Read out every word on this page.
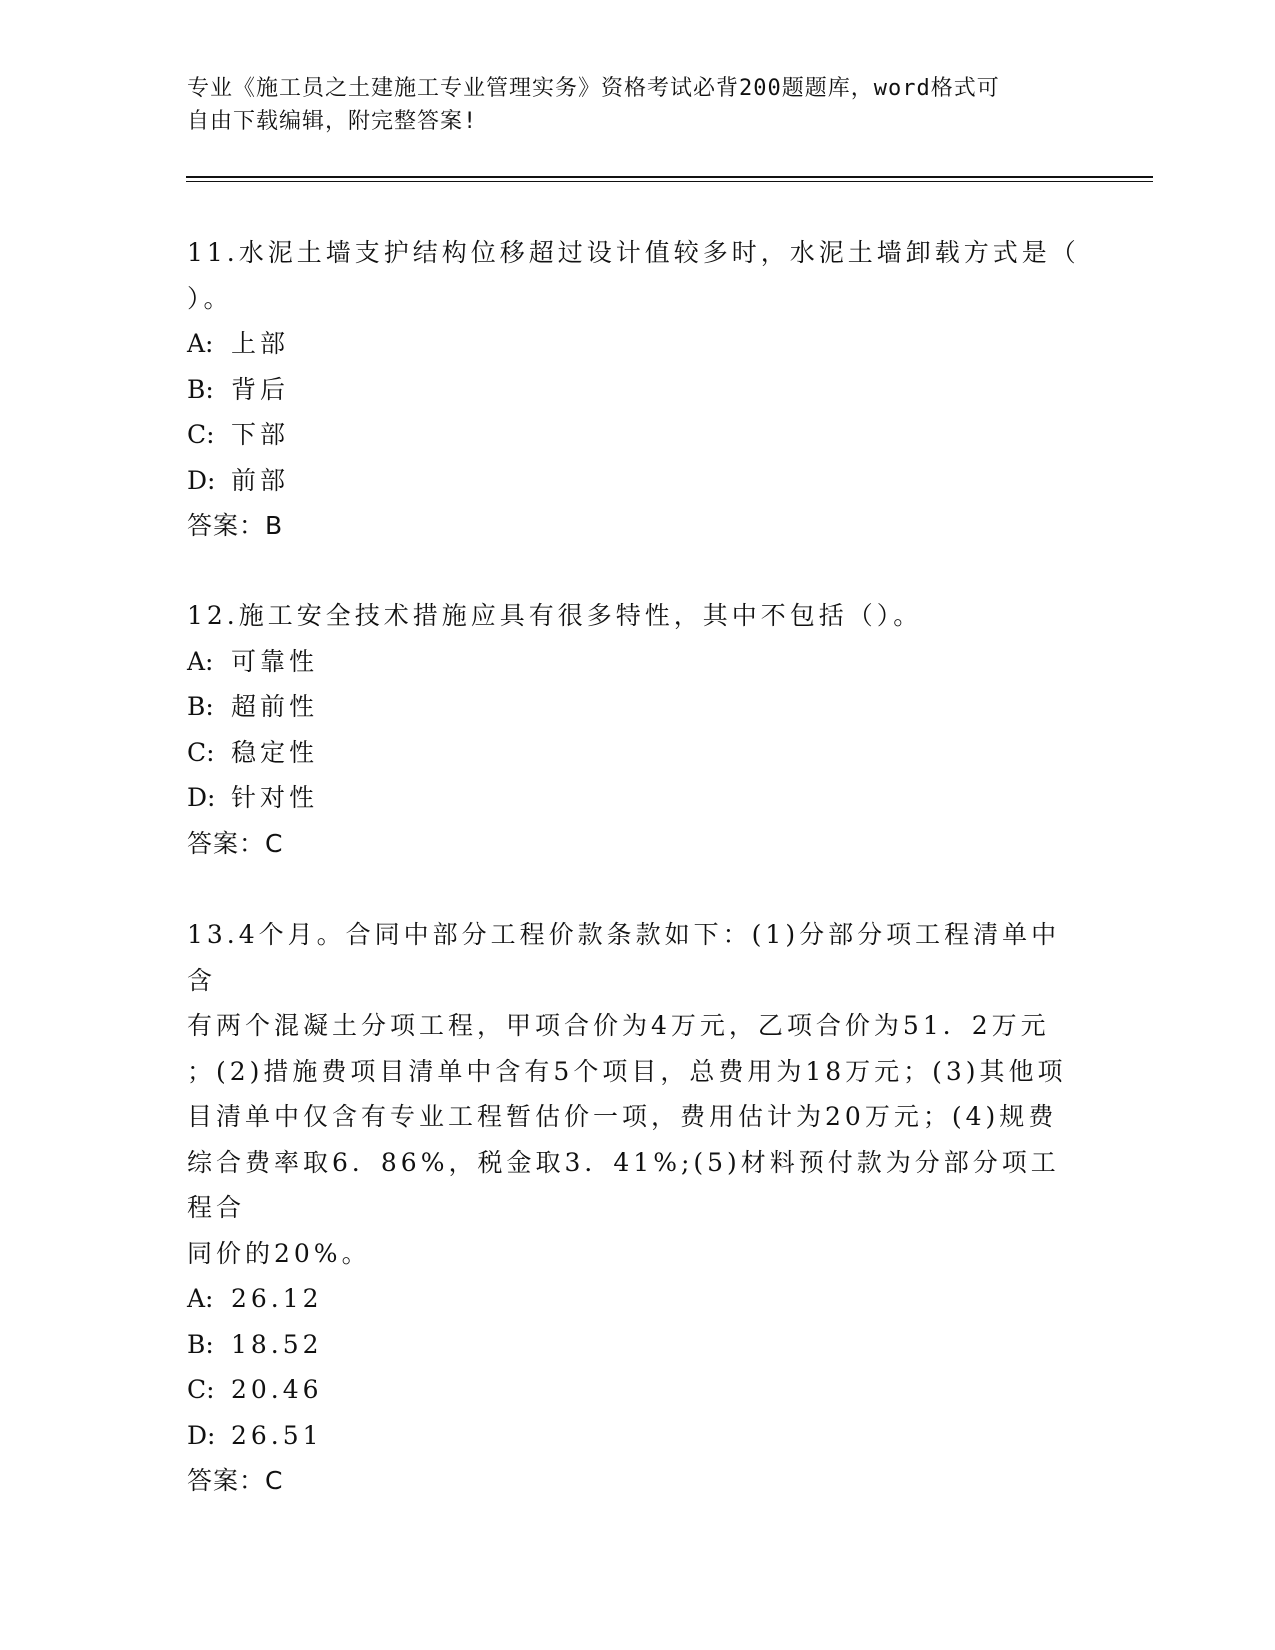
专业《施工员之土建施工专业管理实务》资格考试必背200题题库，word格式可
自由下载编辑，附完整答案!

11.水泥土墙支护结构位移超过设计值较多时，水泥土墙卸载方式是（

）。

A: 上部

B: 背后

C: 下部

D: 前部

答案：B

12.施工安全技术措施应具有很多特性，其中不包括（）。

A: 可靠性

B: 超前性

C: 稳定性

D: 针对性

答案：C

13.4个月。合同中部分工程价款条款如下：(1)分部分项工程清单中含

有两个混凝土分项工程，甲项合价为4万元，乙项合价为51．2万元

；(2)措施费项目清单中含有5个项目，总费用为18万元；(3)其他项

目清单中仅含有专业工程暂估价一项，费用估计为20万元；(4)规费

综合费率取6．86%，税金取3．41%;(5)材料预付款为分部分项工程合

同价的20%。

A: 26.12

B: 18.52

C: 20.46

D: 26.51

答案：C
